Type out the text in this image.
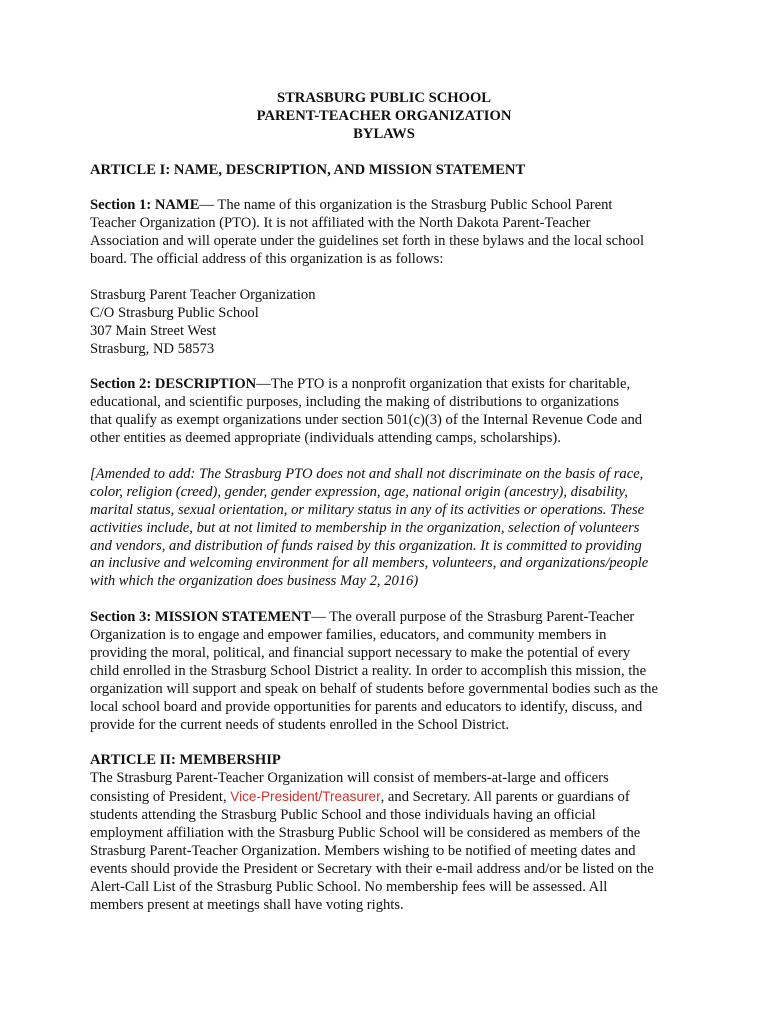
STRASBURG PUBLIC SCHOOL
PARENT-TEACHER ORGANIZATION
BYLAWS
ARTICLE I: NAME, DESCRIPTION, AND MISSION STATEMENT
Section 1: NAME— The name of this organization is the Strasburg Public School Parent
Teacher Organization (PTO). It is not affiliated with the North Dakota Parent-Teacher
Association and will operate under the guidelines set forth in these bylaws and the local school
board. The official address of this organization is as follows:
Strasburg Parent Teacher Organization
C/O Strasburg Public School
307 Main Street West
Strasburg, ND 58573
Section 2: DESCRIPTION—The PTO is a nonprofit organization that exists for charitable,
educational, and scientific purposes, including the making of distributions to organizations
that qualify as exempt organizations under section 501(c)(3) of the Internal Revenue Code and
other entities as deemed appropriate (individuals attending camps, scholarships).
[Amended to add: The Strasburg PTO does not and shall not discriminate on the basis of race,
color, religion (creed), gender, gender expression, age, national origin (ancestry), disability,
marital status, sexual orientation, or military status in any of its activities or operations. These
activities include, but at not limited to membership in the organization, selection of volunteers
and vendors, and distribution of funds raised by this organization. It is committed to providing
an inclusive and welcoming environment for all members, volunteers, and organizations/people
with which the organization does business May 2, 2016)
Section 3: MISSION STATEMENT— The overall purpose of the Strasburg Parent-Teacher
Organization is to engage and empower families, educators, and community members in
providing the moral, political, and financial support necessary to make the potential of every
child enrolled in the Strasburg School District a reality. In order to accomplish this mission, the
organization will support and speak on behalf of students before governmental bodies such as the
local school board and provide opportunities for parents and educators to identify, discuss, and
provide for the current needs of students enrolled in the School District.
ARTICLE II: MEMBERSHIP
The Strasburg Parent-Teacher Organization will consist of members-at-large and officers
consisting of President, Vice-President/Treasurer, and Secretary. All parents or guardians of
students attending the Strasburg Public School and those individuals having an official
employment affiliation with the Strasburg Public School will be considered as members of the
Strasburg Parent-Teacher Organization. Members wishing to be notified of meeting dates and
events should provide the President or Secretary with their e-mail address and/or be listed on the
Alert-Call List of the Strasburg Public School. No membership fees will be assessed. All
members present at meetings shall have voting rights.
